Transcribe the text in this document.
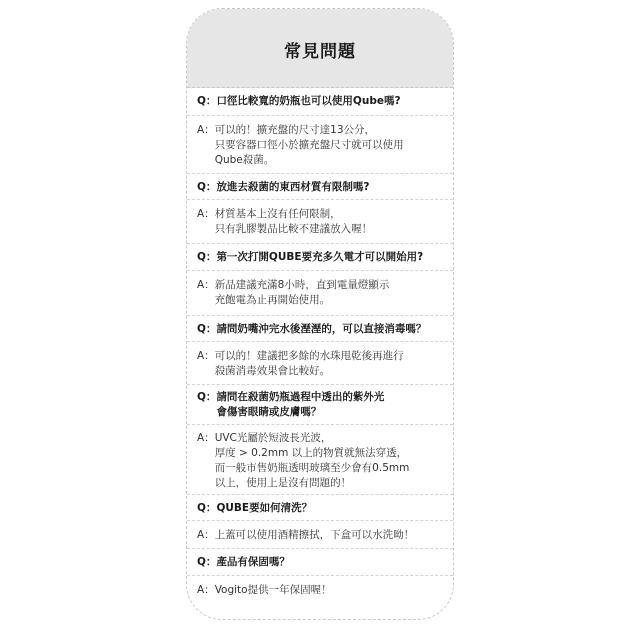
常見問題
Q： 口徑比較寬的奶瓶也可以使用Qube嗎?
A： 可以的！擴充盤的尺寸達13公分，
只要容器口徑小於擴充盤尺寸就可以使用
Qube殺菌。
Q： 放進去殺菌的東西材質有限制嗎?
A： 材質基本上沒有任何限制，
只有乳膠製品比較不建議放入喔！
Q： 第一次打開QUBE要充多久電才可以開始用?
A： 新品建議充滿8小時，直到電量燈顯示
充飽電為止再開始使用。
Q： 請問奶嘴沖完水後溼溼的，可以直接消毒嗎？
A： 可以的！建議把多餘的水珠甩乾後再進行
殺菌消毒效果會比較好。
Q： 請問在殺菌奶瓶過程中透出的紫外光
會傷害眼睛或皮膚嗎？
A： UVC光屬於短波長光波，
厚度 > 0.2mm 以上的物質就無法穿透，
而一般市售奶瓶透明玻璃至少會有0.5mm
以上，使用上是沒有問題的！
Q： QUBE要如何清洗？
A： 上蓋可以使用酒精擦拭，下盒可以水洗呦！
Q： 產品有保固嗎？
A： Vogito提供一年保固喔！
